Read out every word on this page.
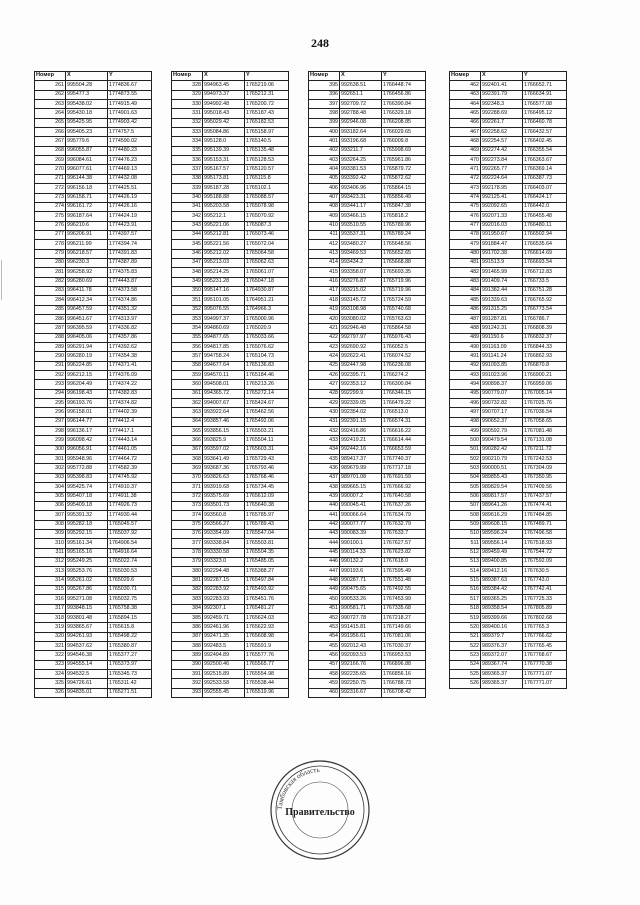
248
Номер	X	Y
261	995504.28	1774836.67
262	995477.3	1774873.55
263	995438.02	1774915.49
264	995430.18	1774901.63
265	995425.95	1774903.42
266	995405.23	1774757.5
267	995779.6	1774590.02
268	996055.87	1774480.23
269	996084.61	1774476.23
270	996077.61	1774469.13
271	996144.38	1774432.08
272	996156.18	1774425.51
273	996158.71	1774426.19
274	996161.72	1774426.16
275	996187.64	1774424.19
276	996210.6	1774423.91
277	996206.91	1774397.57
278	996211.99	1774394.74
279	996218.57	1774391.83
280	996230.3	1774387.89
281	996258.92	1774375.83
282	996280.69	1774443.87
283	996411.78	1774373.58
284	996412.34	1774374.86
285	996457.59	1774351.32
286	996451.67	1774313.97
287	996395.59	1774336.82
288	996405.06	1774357.86
289	996291.94	1774392.62
290	996280.19	1774354.38
291	996224.85	1774371.41
292	996212.15	1774376.09
293	996204.49	1774374.22
294	996198.43	1774382.83
295	996193.76	1774374.82
296	996158.01	1774402.39
297	996144.77	1774412.4
298	996136.17	1774417.1
299	996098.42	1774443.14
300	996056.91	1774461.05
301	995948.96	1774464.72
302	995772.88	1774582.39
303	995398.83	1774745.92
304	995425.74	1774910.37
305	995407.18	1774911.38
306	995409.18	1774926.73
307	995391.32	1774930.44
308	995282.18	1765045.57
309	995292.15	1765037.92
310	995161.34	1764906.54
311	995165.16	1764916.64
312	995249.25	1765022.74
313	995253.76	1765030.53
314	995261.02	1765029.6
315	995267.86	1765030.71
316	995271.08	1765032.75
317	993848.15	1765758.38
318	993801.48	1765894.15
319	993865.67	1765615.8
320	994261.93	1765498.22
321	994537.62	1765380.87
322	994546.38	1765377.27
323	994555.14	1765373.97
324	994532.5	1765345.73
325	994726.61	1765311.42
326	994835.01	1765271.51
Номер	X	Y
328	994963.45	1765219.06
329	994973.37	1765212.31
330	994992.48	1765200.72
331	995018.43	1765187.43
332	995029.42	1765182.53
333	995084.86	1765158.97
334	995128.0	1765140.5
335	995139.39	1765135.48
336	995153.31	1765128.53
337	995167.57	1765120.57
338	995173.81	1765115.8
339	995187.28	1765102.1
340	995188.88	1765088.57
341	995203.58	1765078.98
342	995212.1	1765070.92
343	995221.06	1765087.3
344	995212.81	1765073.46
345	995221.56	1765072.04
346	995212.02	1765064.58
347	995213.03	1765062.63
348	995214.25	1765061.07
349	995231.28	1765047.18
350	995147.16	1764930.87
351	995101.05	1764951.21
352	995076.55	1764966.3
353	994997.37	1765000.96
354	994860.69	1765020.9
355	994877.65	1765033.66
356	994817.85	1765076.62
357	994758.24	1765104.73
358	994677.64	1765136.83
359	994570.11	1765184.46
360	994508.01	1765213.26
361	994365.72	1765272.14
362	994007.67	1765424.67
363	993922.64	1765462.56
364	993857.46	1765492.06
365	993856.15	1765503.21
366	993825.9	1765504.11
367	993597.02	1765603.31
368	993641.49	1765729.43
369	993687.36	1765793.46
370	993826.63	1765768.46
371	993919.68	1765734.45
372	993575.69	1765612.09
373	993501.73	1765640.38
374	993560.8	1765785.97
375	993566.27	1765789.43
376	993354.09	1765547.04
377	993338.84	1765503.81
378	993330.58	1765504.35
379	993323.0	1765485.05
380	992294.48	1765388.27
381	992287.15	1765497.84
382	992283.92	1765493.92
383	992283.93	1765451.76
384	992307.1	1765481.27
385	992459.71	1765624.03
386	992461.96	1765622.93
387	992471.35	1765608.98
388	992483.5	1765591.9
389	992494.89	1765577.76
390	992500.46	1765565.77
391	992515.89	1765554.98
392	992533.58	1765538.44
393	992555.45	1765519.96
Номер	X	Y
395	992638.51	1766448.74
396	992651.1	1766456.86
397	992709.72	1766390.84
398	992788.48	1766329.18
399	992946.08	1766208.85
400	993182.64	1766029.65
401	993196.68	1766009.8
402	993211.7	1765998.69
403	993264.25	1765961.86
404	993381.53	1765879.72
405	993392.42	1765872.62
406	993406.96	1765864.15
407	993423.31	1765856.49
408	993441.17	1765847.38
409	993466.15	1765818.2
410	993510.55	1765789.96
411	993537.31	1765789.24
412	993480.27	1765648.56
413	993469.53	1765652.65
414	993434.2	1765668.88
415	993358.07	1765693.35
416	993276.87	1765719.96
417	993215.02	1765719.96
418	993145.72	1765724.59
419	993108.98	1765740.68
420	993080.02	1765763.63
421	992946.48	1765864.58
422	992797.97	1765976.43
423	992690.92	1766052.5
424	992622.41	1766074.52
425	992447.98	1766236.08
426	992395.71	1766274.2
427	992353.12	1766300.84
428	992299.9	1766346.15
429	992339.05	1766479.22
430	992354.02	1766513.0
431	992391.15	1766574.31
432	992416.86	1766616.22
433	992419.21	1766614.44
434	992442.16	1766653.59
435	989417.37	1767740.37
436	989679.99	1767717.18
437	989701.08	1767691.59
438	989665.15	1767666.92
439	990007.2	1767640.58
440	990045.41	1767637.26
441	990066.64	1767634.79
442	990077.77	1767632.79
443	990083.39	1767633.7
444	990100.1	1767627.57
445	990114.33	1767623.82
446	990132.2	1767618.0
447	990193.6	1767595.49
448	990287.71	1767551.48
449	990475.65	1767492.55
450	990533.26	1767453.99
451	990581.71	1767335.68
452	990727.78	1767218.27
453	991415.81	1767149.66
454	991956.61	1767081.06
455	992012.43	1767030.37
456	992093.53	1766953.53
457	992166.76	1766896.88
458	992235.65	1766856.16
459	992250.75	1766788.73
460	992316.67	1766708.42
Номер	X	Y
462	992401.41	1766652.71
463	992391.79	1766634.91
464	992348.3	1766577.08
465	992288.69	1766495.12
466	992261.7	1766460.78
467	992258.62	1766432.57
468	992254.57	1766402.45
469	992274.42	1766355.54
470	992273.84	1766363.67
471	992265.77	1766369.14
472	992224.64	1766387.73
473	992178.95	1766403.07
474	992125.41	1766424.17
475	992092.65	1766442.0
476	992071.33	1766455.48
477	992016.03	1766480.11
478	991950.67	1766502.94
479	991884.47	1766535.64
480	991702.38	1766614.69
481	991513.9	1766693.54
482	991465.99	1766712.83
483	991409.74	1766733.5
484	991382.44	1766751.28
485	991339.63	1766765.92
486	991315.25	1766773.54
487	991287.81	1766786.7
488	991242.31	1766808.39
489	991150.6	1766832.37
490	991163.09	1766844.33
491	991141.24	1766862.93
492	991093.85	1766870.8
493	991023.96	1766900.21
494	990898.37	1766959.06
495	990779.07	1767005.14
496	990732.82	1767025.76
497	990707.17	1767036.54
498	990652.37	1767058.65
499	990592.79	1767081.48
500	990479.54	1767131.08
501	990282.42	1767211.72
502	990210.79	1767242.53
503	990000.51	1767304.09
504	989855.43	1767350.95
505	989829.54	1767409.56
506	989817.57	1767437.57
507	989641.26	1767474.41
508	989616.29	1767484.85
509	989608.15	1767489.71
510	989596.24	1767496.58
511	989556.14	1767518.93
512	989459.49	1767544.72
513	989400.85	1767592.09
514	989412.16	1767630.5
515	989387.63	1767743.0
516	989384.42	1767742.41
517	989365.25	1767725.33
518	989358.54	1767805.89
519	989399.66	1767802.68
520	989400.16	1767765.3
521	989379.7	1767766.62
522	989376.37	1767765.45
523	989372.07	1767768.67
524	989367.74	1767770.38
525	989365.37	1767771.07
526	989365.37	1767771.07
Тамбовская область
Правительство
